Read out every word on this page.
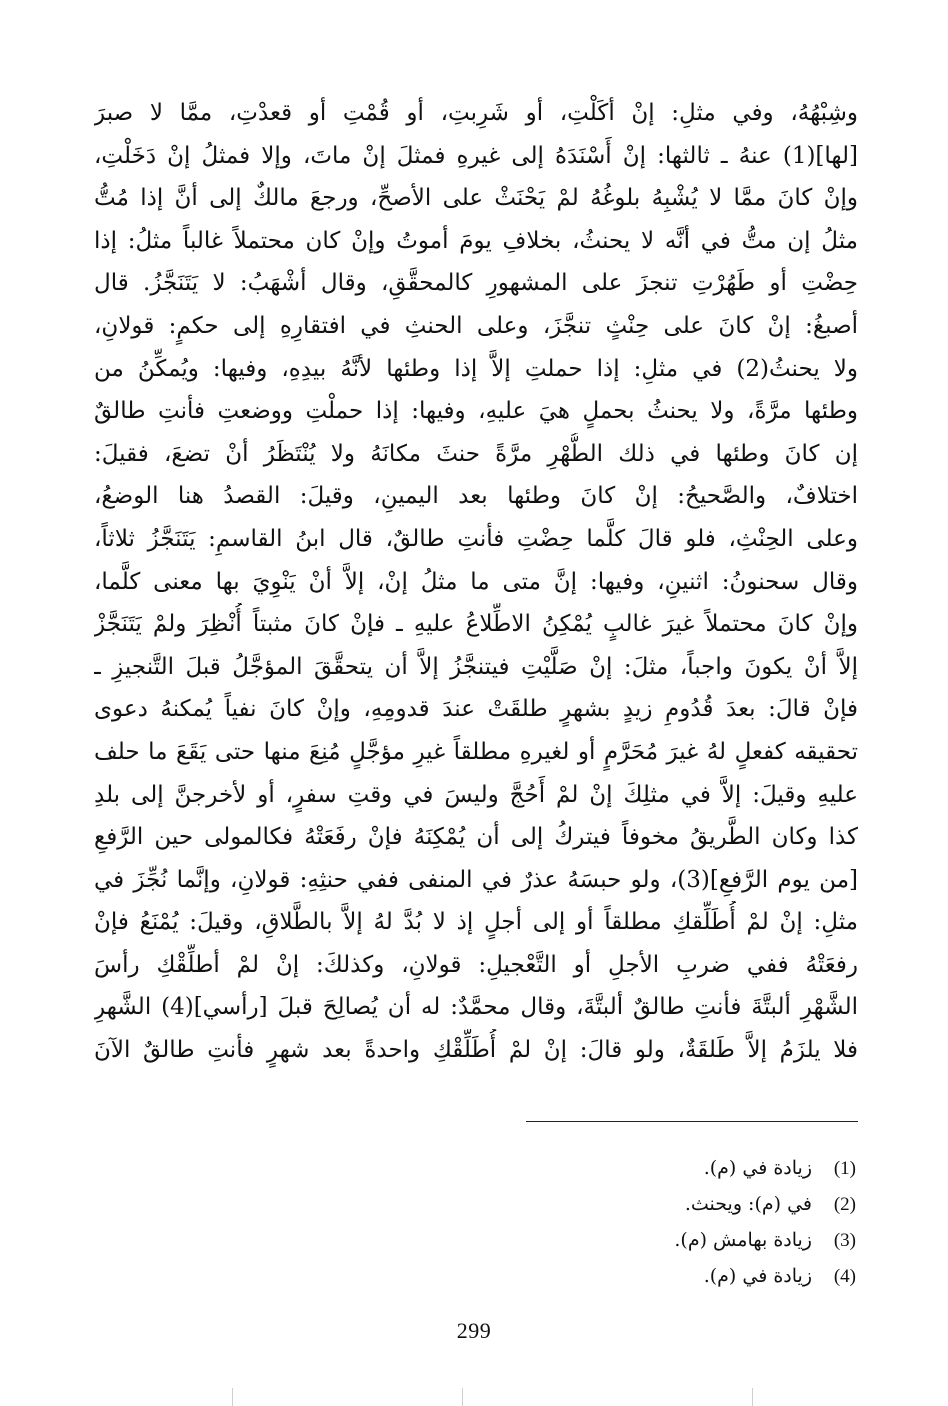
وشِبْهُهُ، وفي مثلِ: إنْ أكَلْتِ، أو شَرِبتِ، أو قُمْتِ أو قعدْتِ، ممَّا لا صبرَ
[لها](1) عنهُ ـ ثالثها: إنْ أَسْنَدَهُ إلى غيرهِ فمثلَ إنْ ماتَ، وإلا فمثلُ إنْ دَخَلْتِ،
وإنْ كانَ ممَّا لا يُشْبِهُ بلوغُهُ لمْ يَحْنَثْ على الأصحِّ، ورجعَ مالكٌ إلى أنَّ إذا مُتُّ
مثلُ إن متُّ في أنَّه لا يحنثُ، بخلافِ يومَ أموتُ وإنْ كان محتملاً غالباً مثلُ: إذا
حِضْتِ أو طَهُرْتِ تنجزَ على المشهورِ كالمحقَّقِ، وقال أشْهَبُ: لا يَتَنَجَّزُ. قال
أصبغُ: إنْ كانَ على حِنْثٍ تنجَّزَ، وعلى الحنثِ في افتقارِهِ إلى حكمٍ: قولانِ،
ولا يحنثُ(2) في مثلِ: إذا حملتِ إلاَّ إذا وطئها لأنَّهُ بيدِهِ، وفيها: ويُمكِّنُ من
وطئها مرَّةً، ولا يحنثُ بحملٍ هيَ عليهِ، وفيها: إذا حملْتِ ووضعتِ فأنتِ طالقٌ
إن كانَ وطئها في ذلك الطُّهْرِ مرَّةً حنثَ مكانَهُ ولا يُنْتَظَرُ أنْ تضعَ، فقيلَ:
اختلافٌ، والصَّحيحُ: إنْ كانَ وطئها بعد اليمينِ، وقيلَ: القصدُ هنا الوضعُ،
وعلى الحِنْثِ، فلو قالَ كلَّما حِضْتِ فأنتِ طالقٌ، قال ابنُ القاسمِ: يَتَنَجَّزُ ثلاثاً،
وقال سحنونُ: اثنينِ، وفيها: إنَّ متى ما مثلُ إنْ، إلاَّ أنْ يَنْوِيَ بها معنى كلَّما،
وإنْ كانَ محتملاً غيرَ غالبٍ يُمْكِنُ الاطِّلاعُ عليهِ ـ فإنْ كانَ مثبتاً أُنْظِرَ ولمْ يَتَنَجَّزْ
إلاَّ أنْ يكونَ واجباً، مثلَ: إنْ صَلَّيْتِ فيتنجَّزُ إلاَّ أن يتحقَّقَ المؤجَّلُ قبلَ التَّنجيزِ ـ
فإنْ قالَ: بعدَ قُدُومِ زيدٍ بشهرٍ طلقَتْ عندَ قدومِهِ، وإنْ كانَ نفياً يُمكنهُ دعوى
تحقيقه كفعلٍ لهُ غيرَ مُحَرَّمٍ أو لغيرهِ مطلقاً غيرِ مؤجَّلٍ مُنِعَ منها حتى يَقَعَ ما حلف
عليهِ وقيلَ: إلاَّ في مثلِكَ إنْ لمْ أَحُجَّ وليسَ في وقتِ سفرٍ، أو لأخرجنَّ إلى بلدِ
كذا وكان الطَّريقُ مخوفاً فيتركُ إلى أن يُمْكِنَهُ فإنْ رفَعَتْهُ فكالمولى حين الرَّفعِ
[من يوم الرَّفعِ](3)، ولو حبسَهُ عذرٌ في المنفى ففي حنثِهِ: قولانِ، وإنَّما نُجِّزَ في
مثلِ: إنْ لمْ أُطَلِّقكِ مطلقاً أو إلى أجلٍ إذ لا بُدَّ لهُ إلاَّ بالطَّلاقِ، وقيلَ: يُمْنَعُ فإنْ
رفعَتْهُ ففي ضربِ الأجلِ أو التَّعْجيلِ: قولانِ، وكذلكَ: إنْ لمْ أطلِّقْكِ رأسَ
الشَّهْرِ ألبتَّةَ فأنتِ طالقٌ ألبتَّةَ، وقال محمَّدٌ: له أن يُصالِحَ قبلَ [رأسي](4) الشَّهرِ
فلا يلزَمُ إلاَّ طَلقَةٌ، ولو قالَ: إنْ لمْ أُطَلِّقْكِ واحدةً بعد شهرٍ فأنتِ طالقٌ الآنَ
(1)زيادة في (م).
(2)في (م): ويحنث.
(3)زيادة بهامش (م).
(4)زيادة في (م).
299
